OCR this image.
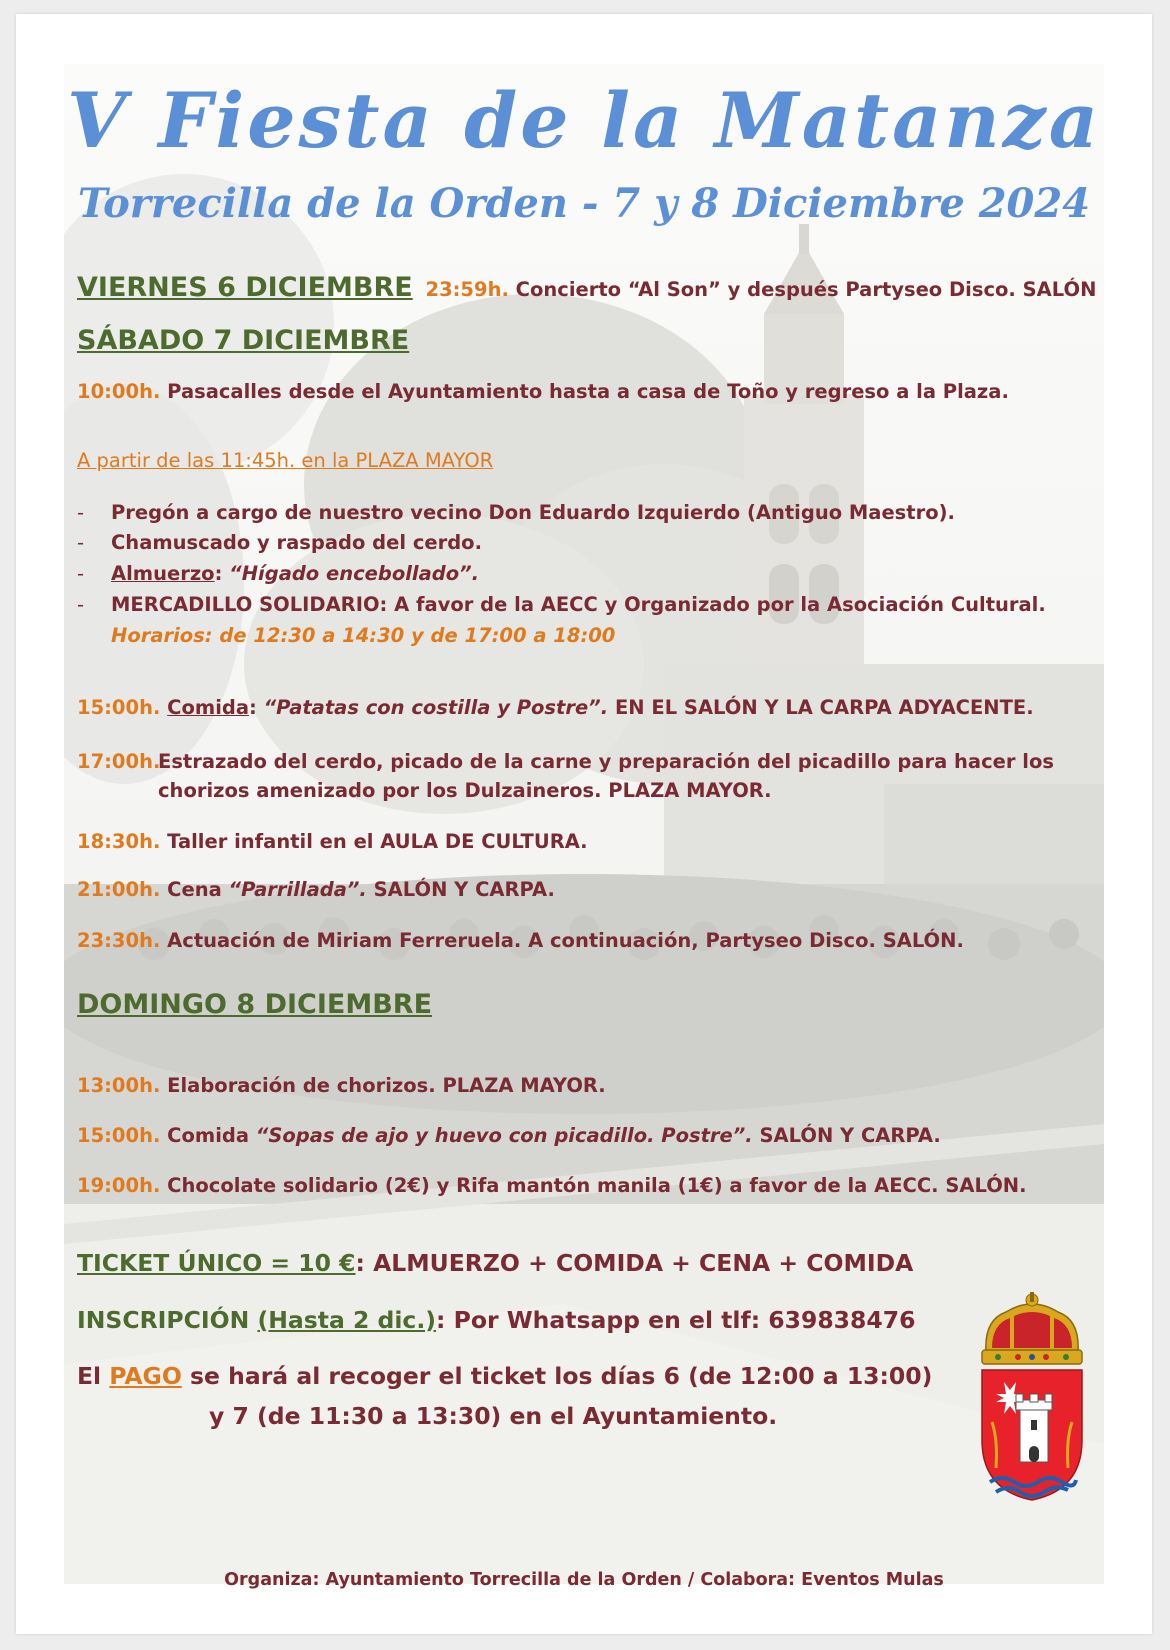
V Fiesta de la Matanza
Torrecilla de la Orden - 7 y 8 Diciembre 2024
VIERNES 6 DICIEMBRE 23:59h. Concierto “Al Son” y después Partyseo Disco. SALÓN
SÁBADO 7 DICIEMBRE
10:00h. Pasacalles desde el Ayuntamiento hasta a casa de Toño y regreso a la Plaza.
A partir de las 11:45h. en la PLAZA MAYOR
- Pregón a cargo de nuestro vecino Don Eduardo Izquierdo (Antiguo Maestro).
- Chamuscado y raspado del cerdo.
- Almuerzo: “Hígado encebollado”.
- MERCADILLO SOLIDARIO: A favor de la AECC y Organizado por la Asociación Cultural.
Horarios: de 12:30 a 14:30 y de 17:00 a 18:00
15:00h. Comida: “Patatas con costilla y Postre”. EN EL SALÓN Y LA CARPA ADYACENTE.
17:00h.Estrazado del cerdo, picado de la carne y preparación del picadillo para hacer los
chorizos amenizado por los Dulzaineros. PLAZA MAYOR.
18:30h. Taller infantil en el AULA DE CULTURA.
21:00h. Cena “Parrillada”. SALÓN Y CARPA.
23:30h. Actuación de Miriam Ferreruela. A continuación, Partyseo Disco. SALÓN.
DOMINGO 8 DICIEMBRE
13:00h. Elaboración de chorizos. PLAZA MAYOR.
15:00h. Comida “Sopas de ajo y huevo con picadillo. Postre”. SALÓN Y CARPA.
19:00h. Chocolate solidario (2€) y Rifa mantón manila (1€) a favor de la AECC. SALÓN.
TICKET ÚNICO = 10 €: ALMUERZO + COMIDA + CENA + COMIDA
INSCRIPCIÓN (Hasta 2 dic.): Por Whatsapp en el tlf: 639838476
El PAGO se hará al recoger el ticket los días 6 (de 12:00 a 13:00)
y 7 (de 11:30 a 13:30) en el Ayuntamiento.
Organiza: Ayuntamiento Torrecilla de la Orden / Colabora: Eventos Mulas
